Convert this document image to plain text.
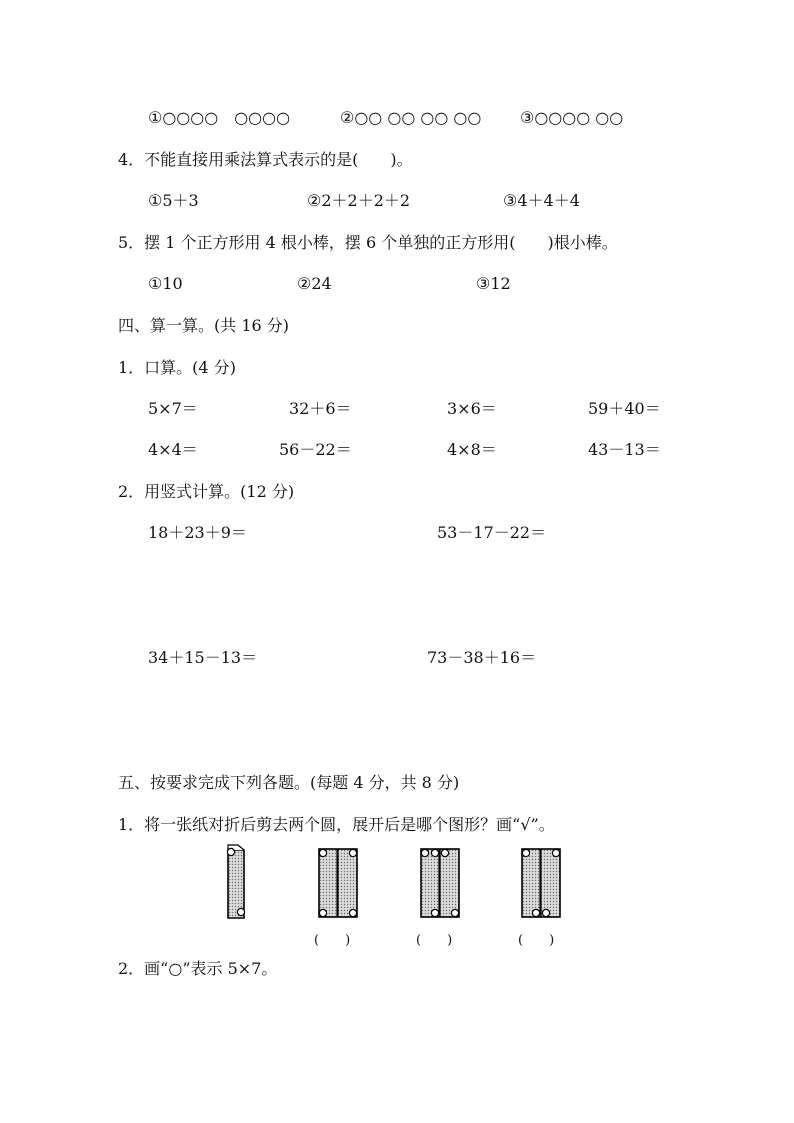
①○○○○　○○○○	②○○ ○○ ○○ ○○ ③○○○○ ○○
4．不能直接用乘法算式表示的是(　　)。
①5＋3	②2＋2＋2＋2	③4＋4＋4
5．摆 1 个正方形用 4 根小棒，摆 6 个单独的正方形用(　　)根小棒。
①10	②24	③12
四、算一算。(共 16 分)
1．口算。(4 分)
5×7＝	32＋6＝	3×6＝	59＋40＝
4×4＝	56－22＝	4×8＝	43－13＝
2．用竖式计算。(12 分)
18＋23＋9＝	53－17－22＝
34＋15－13＝	73－38＋16＝
五、按要求完成下列各题。(每题 4 分，共 8 分)
1．将一张纸对折后剪去两个圆，展开后是哪个图形？画“√”。
(　　)	(　　)	(　　)
2．画“○”表示 5×7。
